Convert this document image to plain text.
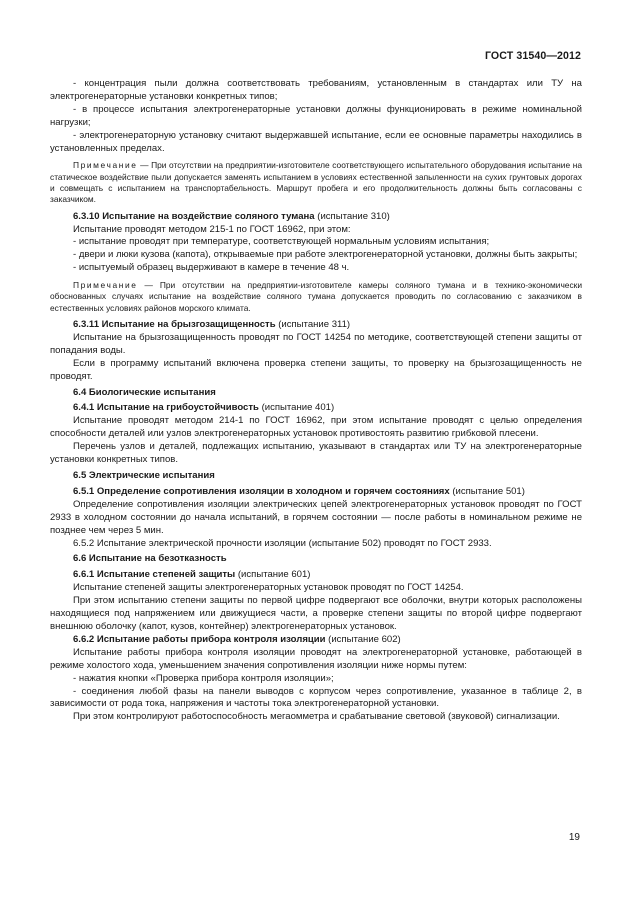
ГОСТ 31540—2012

- концентрация пыли должна соответствовать требованиям, установленным в стандартах или ТУ на электрогенераторные установки конкретных типов;

- в процессе испытания электрогенераторные установки должны функционировать в режиме номинальной нагрузки;

- электрогенераторную установку считают выдержавшей испытание, если ее основные параметры находились в установленных пределах.

Примечание — При отсутствии на предприятии-изготовителе соответствующего испытательного оборудования испытание на статическое воздействие пыли допускается заменять испытанием в условиях естественной запыленности на сухих грунтовых дорогах и совмещать с испытанием на транспортабельность. Маршрут пробега и его продолжительность должны быть согласованы с заказчиком.

6.3.10 Испытание на воздействие соляного тумана (испытание 310)

Испытание проводят методом 215-1 по ГОСТ 16962, при этом:

- испытание проводят при температуре, соответствующей нормальным условиям испытания;

- двери и люки кузова (капота), открываемые при работе электрогенераторной установки, должны быть закрыты;

- испытуемый образец выдерживают в камере в течение 48 ч.

Примечание — При отсутствии на предприятии-изготовителе камеры соляного тумана и в технико-экономически обоснованных случаях испытание на воздействие соляного тумана допускается проводить по согласованию с заказчиком в естественных условиях районов морского климата.

6.3.11 Испытание на брызгозащищенность (испытание 311)

Испытание на брызгозащищенность проводят по ГОСТ 14254 по методике, соответствующей степени защиты от попадания воды.

Если в программу испытаний включена проверка степени защиты, то проверку на брызгозащищенность не проводят.

6.4 Биологические испытания

6.4.1 Испытание на грибоустойчивость (испытание 401)

Испытание проводят методом 214-1 по ГОСТ 16962, при этом испытание проводят с целью определения способности деталей или узлов электрогенераторных установок противостоять развитию грибковой плесени.

Перечень узлов и деталей, подлежащих испытанию, указывают в стандартах или ТУ на электрогенераторные установки конкретных типов.

6.5 Электрические испытания

6.5.1 Определение сопротивления изоляции в холодном и горячем состояниях (испытание 501)

Определение сопротивления изоляции электрических цепей электрогенераторных установок проводят по ГОСТ 2933 в холодном состоянии до начала испытаний, в горячем состоянии — после работы в номинальном режиме не позднее чем через 5 мин.

6.5.2 Испытание электрической прочности изоляции (испытание 502) проводят по ГОСТ 2933.

6.6 Испытание на безотказность

6.6.1 Испытание степеней защиты (испытание 601)

Испытание степеней защиты электрогенераторных установок проводят по ГОСТ 14254.

При этом испытанию степени защиты по первой цифре подвергают все оболочки, внутри которых расположены находящиеся под напряжением или движущиеся части, а проверке степени защиты по второй цифре подвергают внешнюю оболочку (капот, кузов, контейнер) электрогенераторных установок.

6.6.2 Испытание работы прибора контроля изоляции (испытание 602)

Испытание работы прибора контроля изоляции проводят на электрогенераторной установке, работающей в режиме холостого хода, уменьшением значения сопротивления изоляции ниже нормы путем:

- нажатия кнопки «Проверка прибора контроля изоляции»;

- соединения любой фазы на панели выводов с корпусом через сопротивление, указанное в таблице 2, в зависимости от рода тока, напряжения и частоты тока электрогенераторной установки.

При этом контролируют работоспособность мегаомметра и срабатывание световой (звуковой) сигнализации.

19
